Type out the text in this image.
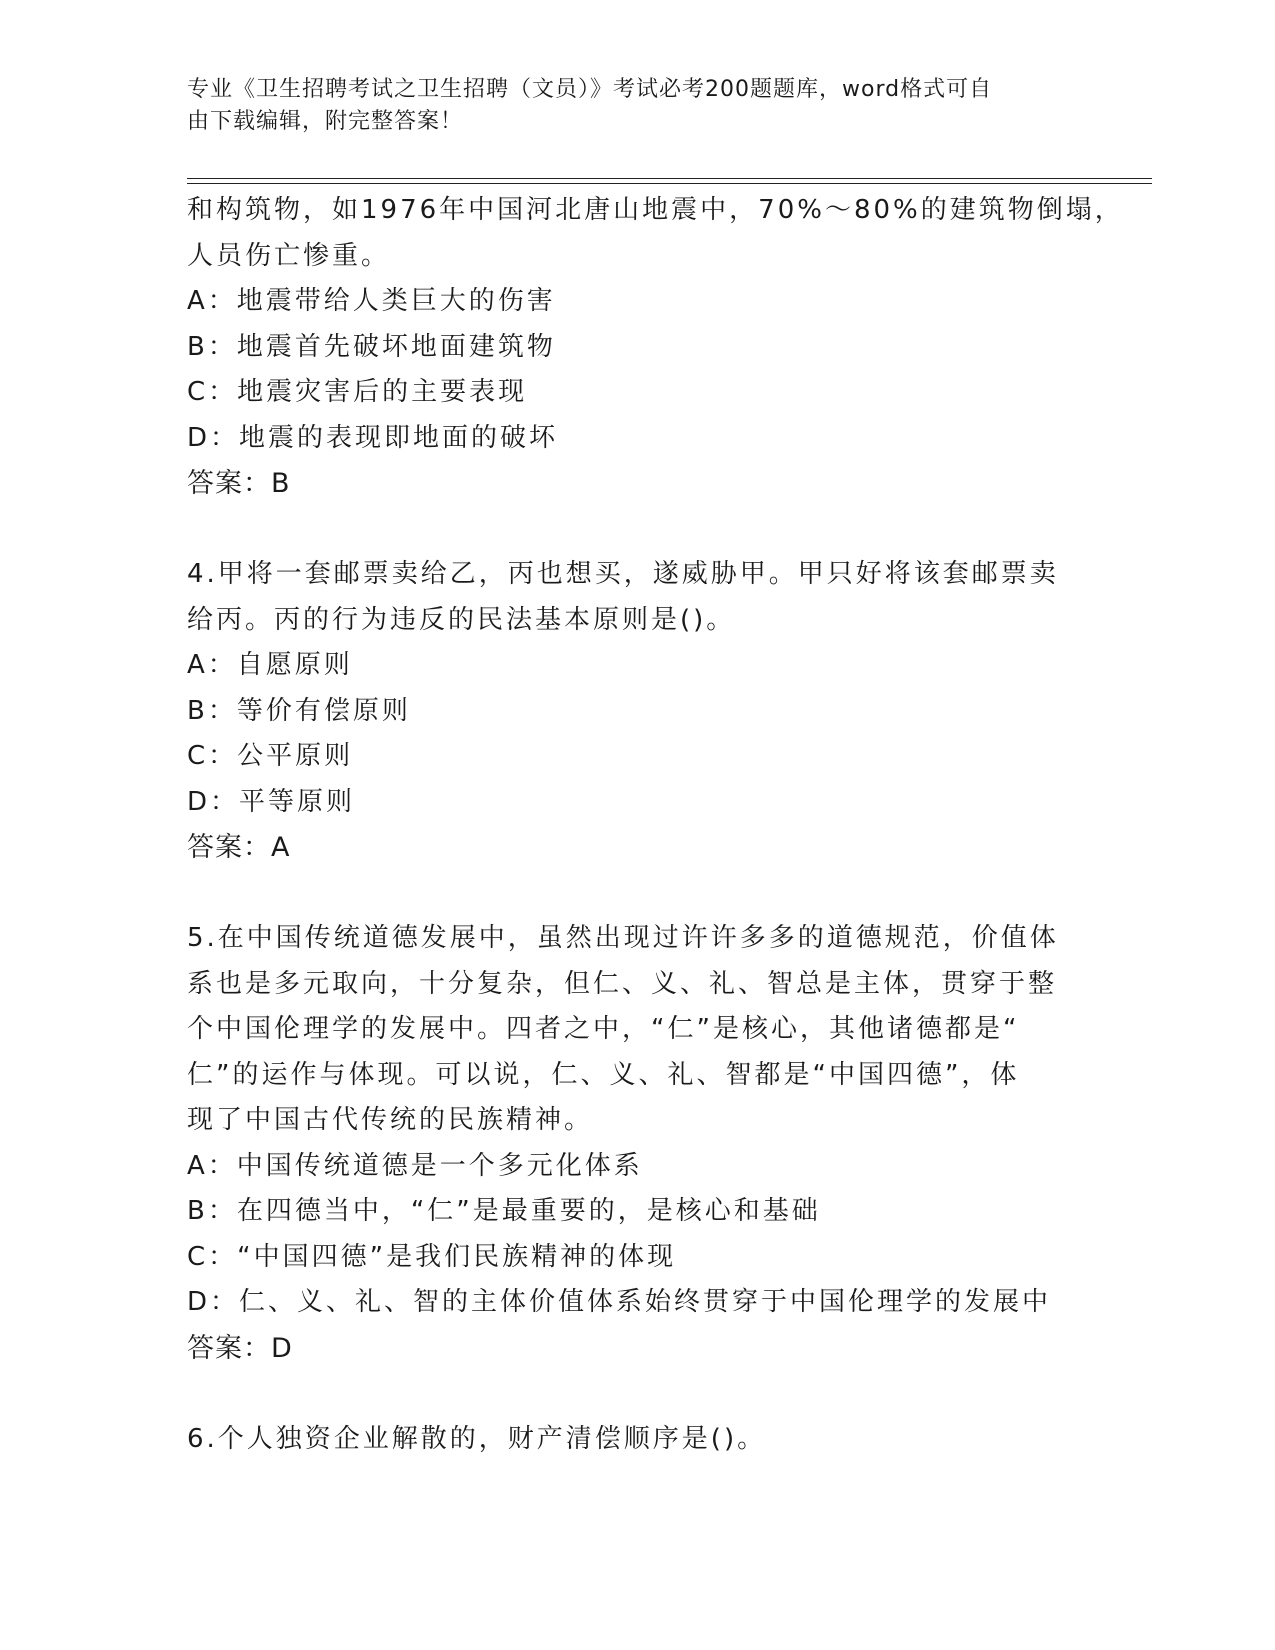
专业《卫生招聘考试之卫生招聘（文员）》考试必考200题题库，word格式可自
由下载编辑，附完整答案！
和构筑物，如1976年中国河北唐山地震中，70%～80%的建筑物倒塌，
人员伤亡惨重。
A：地震带给人类巨大的伤害
B：地震首先破坏地面建筑物
C：地震灾害后的主要表现
D：地震的表现即地面的破坏
答案：B
4.甲将一套邮票卖给乙，丙也想买，遂威胁甲。甲只好将该套邮票卖
给丙。丙的行为违反的民法基本原则是()。
A：自愿原则
B：等价有偿原则
C：公平原则
D：平等原则
答案：A
5.在中国传统道德发展中，虽然出现过许许多多的道德规范，价值体
系也是多元取向，十分复杂，但仁、义、礼、智总是主体，贯穿于整
个中国伦理学的发展中。四者之中，“仁”是核心，其他诸德都是“
仁”的运作与体现。可以说，仁、义、礼、智都是“中国四德”，体
现了中国古代传统的民族精神。
A：中国传统道德是一个多元化体系
B：在四德当中，“仁”是最重要的，是核心和基础
C：“中国四德”是我们民族精神的体现
D：仁、义、礼、智的主体价值体系始终贯穿于中国伦理学的发展中
答案：D
6.个人独资企业解散的，财产清偿顺序是()。
